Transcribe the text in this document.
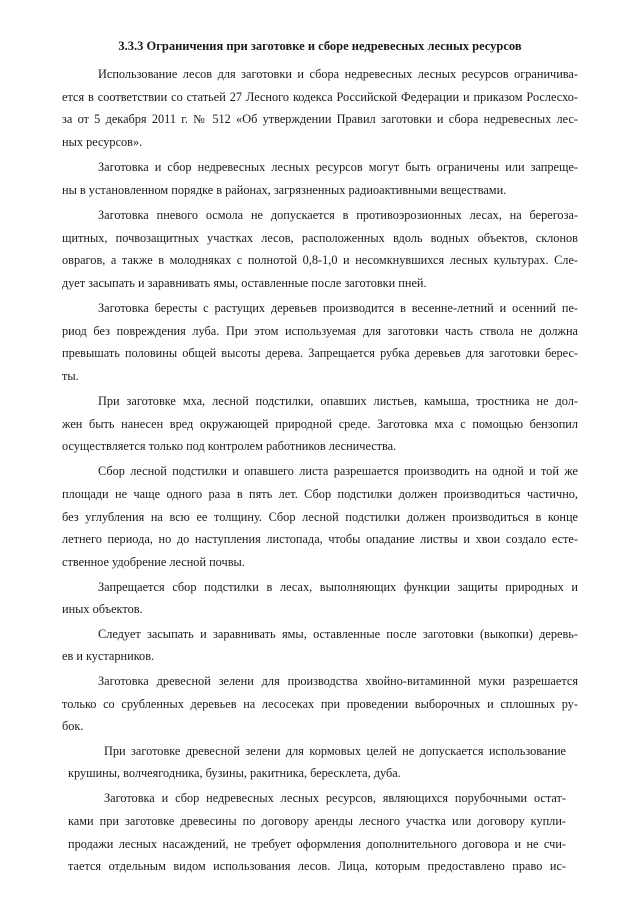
3.3.3 Ограничения при заготовке и сборе недревесных лесных ресурсов
Использование лесов для заготовки и сбора недревесных лесных ресурсов ограничива-
ется в соответствии со статьей 27 Лесного кодекса Российской Федерации и приказом Рослесхо-
за от 5 декабря 2011 г. № 512 «Об утверждении Правил заготовки и сбора недревесных лес-
ных ресурсов».
Заготовка и сбор недревесных лесных ресурсов могут быть ограничены или запреще-
ны в установленном порядке в районах, загрязненных радиоактивными веществами.
Заготовка пневого осмола не допускается в противоэрозионных лесах, на берегоза-
щитных, почвозащитных участках лесов, расположенных вдоль водных объектов, склонов
оврагов, а также в молодняках с полнотой 0,8-1,0 и несомкнувшихся лесных культурах. Сле-
дует засыпать и заравнивать ямы, оставленные после заготовки пней.
Заготовка бересты с растущих деревьев производится в весенне-летний и осенний пе-
риод без повреждения луба. При этом используемая для заготовки часть ствола не должна
превышать половины общей высоты дерева. Запрещается рубка деревьев для заготовки берес-
ты.
При заготовке мха, лесной подстилки, опавших листьев, камыша, тростника не дол-
жен быть нанесен вред окружающей природной среде. Заготовка мха с помощью бензопил
осуществляется только под контролем работников лесничества.
Сбор лесной подстилки и опавшего листа разрешается производить на одной и той же
площади не чаще одного раза в пять лет. Сбор подстилки должен производиться частично,
без углубления на всю ее толщину. Сбор лесной подстилки должен производиться в конце
летнего периода, но до наступления листопада, чтобы опадание листвы и хвои создало есте-
ственное удобрение лесной почвы.
Запрещается сбор подстилки в лесах, выполняющих функции защиты природных и
иных объектов.
Следует засыпать и заравнивать ямы, оставленные после заготовки (выкопки) деревь-
ев и кустарников.
Заготовка древесной зелени для производства хвойно-витаминной муки разрешается
только со срубленных деревьев на лесосеках при проведении выборочных и сплошных ру-
бок.
При заготовке древесной зелени для кормовых целей не допускается использование
крушины, волчеягодника, бузины, ракитника, бересклета, дуба.
Заготовка и сбор недревесных лесных ресурсов, являющихся порубочными остат-
ками при заготовке древесины по договору аренды лесного участка или договору купли-
продажи лесных насаждений, не требует оформления дополнительного договора и не счи-
тается отдельным видом использования лесов. Лица, которым предоставлено право ис-
